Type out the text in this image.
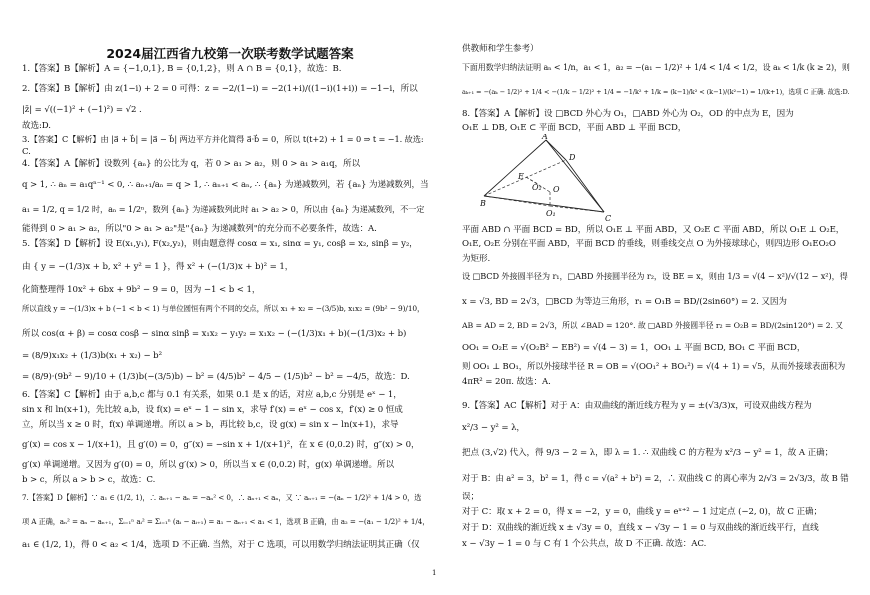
2024届江西省九校第一次联考数学试题答案
1.【答案】B【解析】A = {−1,0,1}, B = {0,1,2}，则 A ∩ B = {0,1}，故选：B.
2.【答案】B【解析】由 z(1−i) + 2 = 0 可得：z = −2/(1−i) = −2(1+i)/((1−i)(1+i)) = −1−i，所以
|z̄| = √((−1)² + (−1)²) = √2 .
故选:D.
3.【答案】C【解析】由 |a⃗ + b⃗| = |a⃗ − b⃗| 两边平方并化简得 a⃗·b⃗ = 0，所以 t(t+2) + 1 = 0 ⇒ t = −1. 故选:
C.
4.【答案】A【解析】设数列 {aₙ} 的公比为 q，若 0 > a₁ > a₂，则 0 > a₁ > a₁q，所以
q > 1, ∴ aₙ = a₁qⁿ⁻¹ < 0, ∴ aₙ₊₁/aₙ = q > 1, ∴ aₙ₊₁ < aₙ, ∴ {aₙ} 为递减数列，若 {aₙ} 为递减数列，当
a₁ = 1/2, q = 1/2 时，aₙ = 1/2ⁿ，数列 {aₙ} 为递减数列此时 a₁ > a₂ > 0，所以由 {aₙ} 为递减数列，不一定
能得到 0 > a₁ > a₂，所以"0 > a₁ > a₂"是"{aₙ} 为递减数列"的充分而不必要条件，故选：A.
5.【答案】D【解析】设 E(x₁,y₁), F(x₂,y₂)，则由题意得 cosα = x₁, sinα = y₁, cosβ = x₂, sinβ = y₂，
由 { y = −(1/3)x + b, x² + y² = 1 }，得 x² + (−(1/3)x + b)² = 1，
化简整理得 10x² + 6bx + 9b² − 9 = 0，因为 −1 < b < 1，
所以直线 y = −(1/3)x + b (−1 < b < 1) 与单位圆恒有两个不同的交点，所以 x₁ + x₂ = −(3/5)b, x₁x₂ = (9b² − 9)/10，
所以 cos(α + β) = cosα cosβ − sinα sinβ = x₁x₂ − y₁y₂ = x₁x₂ − (−(1/3)x₁ + b)(−(1/3)x₂ + b)
= (8/9)x₁x₂ + (1/3)b(x₁ + x₂) − b²
= (8/9)·(9b² − 9)/10 + (1/3)b(−(3/5)b) − b² = (4/5)b² − 4/5 − (1/5)b² − b² = −4/5，故选：D.
6.【答案】C【解析】由于 a,b,c 都与 0.1 有关系，如果 0.1 是 x 的话，对应 a,b,c 分别是 eˣ − 1，
sin x 和 ln(x+1)，先比较 a,b，设 f(x) = eˣ − 1 − sin x，求导 f′(x) = eˣ − cos x，f′(x) ≥ 0 恒成
立，所以当 x ≥ 0 时，f(x) 单调递增。所以 a > b，再比较 b,c，设 g(x) = sin x − ln(x+1)，求导
g′(x) = cos x − 1/(x+1)，且 g′(0) = 0，g″(x) = −sin x + 1/(x+1)²，在 x ∈ (0,0.2) 时，g″(x) > 0，
g′(x) 单调递增。又因为 g′(0) = 0，所以 g′(x) > 0，所以当 x ∈ (0,0.2) 时，g(x) 单调递增。所以
b > c，所以 a > b > c，故选：C.
7.【答案】D【解析】∵ a₁ ∈ (1/2, 1)，∴ aₙ₊₁ − aₙ = −aₙ² < 0，∴ aₙ₊₁ < aₙ，又 ∵ aₙ₊₁ = −(aₙ − 1/2)² + 1/4 > 0，选
项 A 正确，aₙ² = aₙ − aₙ₊₁，Σᵢ₌₁ⁿ aᵢ² = Σᵢ₌₁ⁿ (aᵢ − aᵢ₊₁) = a₁ − aₙ₊₁ < a₁ < 1，选项 B 正确，由 a₂ = −(a₁ − 1/2)² + 1/4，
a₁ ∈ (1/2, 1)，得 0 < a₂ < 1/4，选项 D 不正确. 当然，对于 C 选项，可以用数学归纳法证明其正确（仅
供教师和学生参考）
下面用数学归纳法证明 aₙ < 1/n，a₁ < 1，a₂ = −(a₁ − 1/2)² + 1/4 < 1/4 < 1/2，设 aₖ < 1/k (k ≥ 2)，则
aₖ₊₁ = −(aₖ − 1/2)² + 1/4 < −(1/k − 1/2)² + 1/4 = −1/k² + 1/k = (k−1)/k² < (k−1)/(k²−1) = 1/(k+1)，选项 C 正确. 故选:D.
8.【答案】A【解析】设 □BCD 外心为 O₁，□ABD 外心为 O₂，OD 的中点为 E，因为
O₁E ⊥ DB, O₁E ⊂ 平面 BCD，平面 ABD ⊥ 平面 BCD，
平面 ABD ∩ 平面 BCD = BD，所以 O₁E ⊥ 平面 ABD，又 O₂E ⊂ 平面 ABD，所以 O₁E ⊥ O₂E，
O₁E, O₂E 分别在平面 ABD，平面 BCD 的垂线，则垂线交点 O 为外接球球心，则四边形 O₁EO₂O
为矩形.
设 □BCD 外接圆半径为 r₁，□ABD 外接圆半径为 r₂，设 BE = x，则由 1/3 = √(4 − x²)/√(12 − x²)，得
x = √3, BD = 2√3，□BCD 为等边三角形，r₁ = O₁B = BD/(2sin60°) = 2. 又因为
AB = AD = 2, BD = 2√3，所以 ∠BAD = 120°. 故 □ABD 外接圆半径 r₂ = O₂B = BD/(2sin120°) = 2. 又
OO₁ = O₂E = √(O₂B² − EB²) = √(4 − 3) = 1，OO₁ ⊥ 平面 BCD, BO₁ ⊂ 平面 BCD，
则 OO₁ ⊥ BO₁，所以外接球半径 R = OB = √(OO₁² + BO₁²) = √(4 + 1) = √5，从而外接球表面积为
4πR² = 20π. 故选：A.
9.【答案】AC【解析】对于 A：由双曲线的渐近线方程为 y = ±(√3/3)x，可设双曲线方程为
x²/3 − y² = λ，
把点 (3,√2) 代入，得 9/3 − 2 = λ，即 λ = 1. ∴ 双曲线 C 的方程为 x²/3 − y² = 1，故 A 正确；
对于 B：由 a² = 3，b² = 1，得 c = √(a² + b²) = 2，∴ 双曲线 C 的离心率为 2/√3 = 2√3/3，故 B 错
误；
对于 C：取 x + 2 = 0，得 x = −2，y = 0，曲线 y = eˣ⁺² − 1 过定点 (−2, 0)，故 C 正确；
对于 D：双曲线的渐近线 x ± √3y = 0，直线 x − √3y − 1 = 0 与双曲线的渐近线平行，直线
x − √3y − 1 = 0 与 C 有 1 个公共点，故 D 不正确. 故选：AC.
A
D
E
O
O₂
O₁
B
C
1
